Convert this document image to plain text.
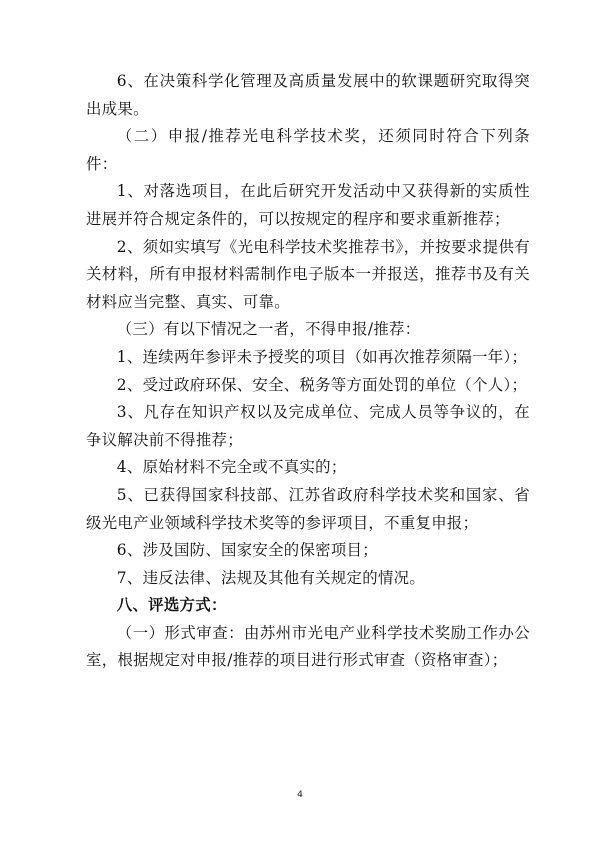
6、在决策科学化管理及高质量发展中的软课题研究取得突出成果。

（二）申报/推荐光电科学技术奖，还须同时符合下列条件：

1、对落选项目，在此后研究开发活动中又获得新的实质性进展并符合规定条件的，可以按规定的程序和要求重新推荐；

2、须如实填写《光电科学技术奖推荐书》，并按要求提供有关材料，所有申报材料需制作电子版本一并报送，推荐书及有关材料应当完整、真实、可靠。

（三）有以下情况之一者，不得申报/推荐：

1、连续两年参评未予授奖的项目（如再次推荐须隔一年）；

2、受过政府环保、安全、税务等方面处罚的单位（个人）；

3、凡存在知识产权以及完成单位、完成人员等争议的，在争议解决前不得推荐；

4、原始材料不完全或不真实的；

5、已获得国家科技部、江苏省政府科学技术奖和国家、省级光电产业领域科学技术奖等的参评项目，不重复申报；

6、涉及国防、国家安全的保密项目；

7、违反法律、法规及其他有关规定的情况。

八、评选方式：

（一）形式审查：由苏州市光电产业科学技术奖励工作办公室，根据规定对申报/推荐的项目进行形式审查（资格审查）；

4
